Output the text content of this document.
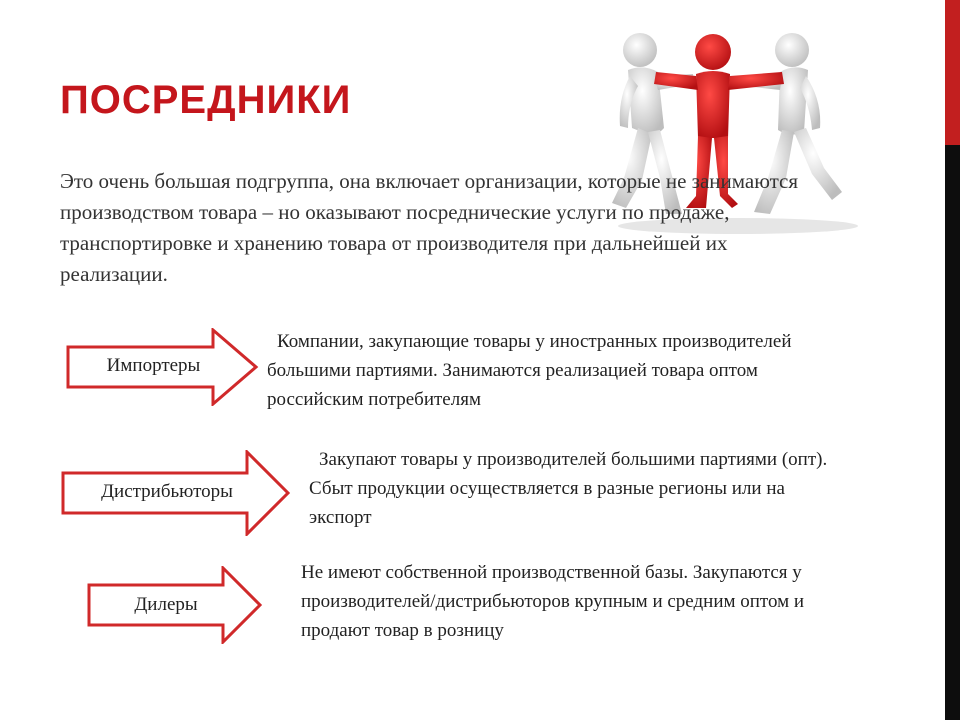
ПОСРЕДНИКИ
Это очень большая подгруппа, она включает организации, которые не занимаются производством товара – но оказывают посреднические услуги по продаже, транспортировке и хранению товара от производителя при дальнейшей их реализации.
Импортеры
Компании, закупающие товары у иностранных производителей большими партиями. Занимаются реализацией товара оптом российским потребителям
Дистрибьюторы
Закупают товары у производителей большими партиями (опт). Сбыт продукции осуществляется в разные регионы или на экспорт
Дилеры
Не имеют собственной производственной базы. Закупаются у производителей/дистрибьюторов крупным и средним оптом и продают товар в розницу
